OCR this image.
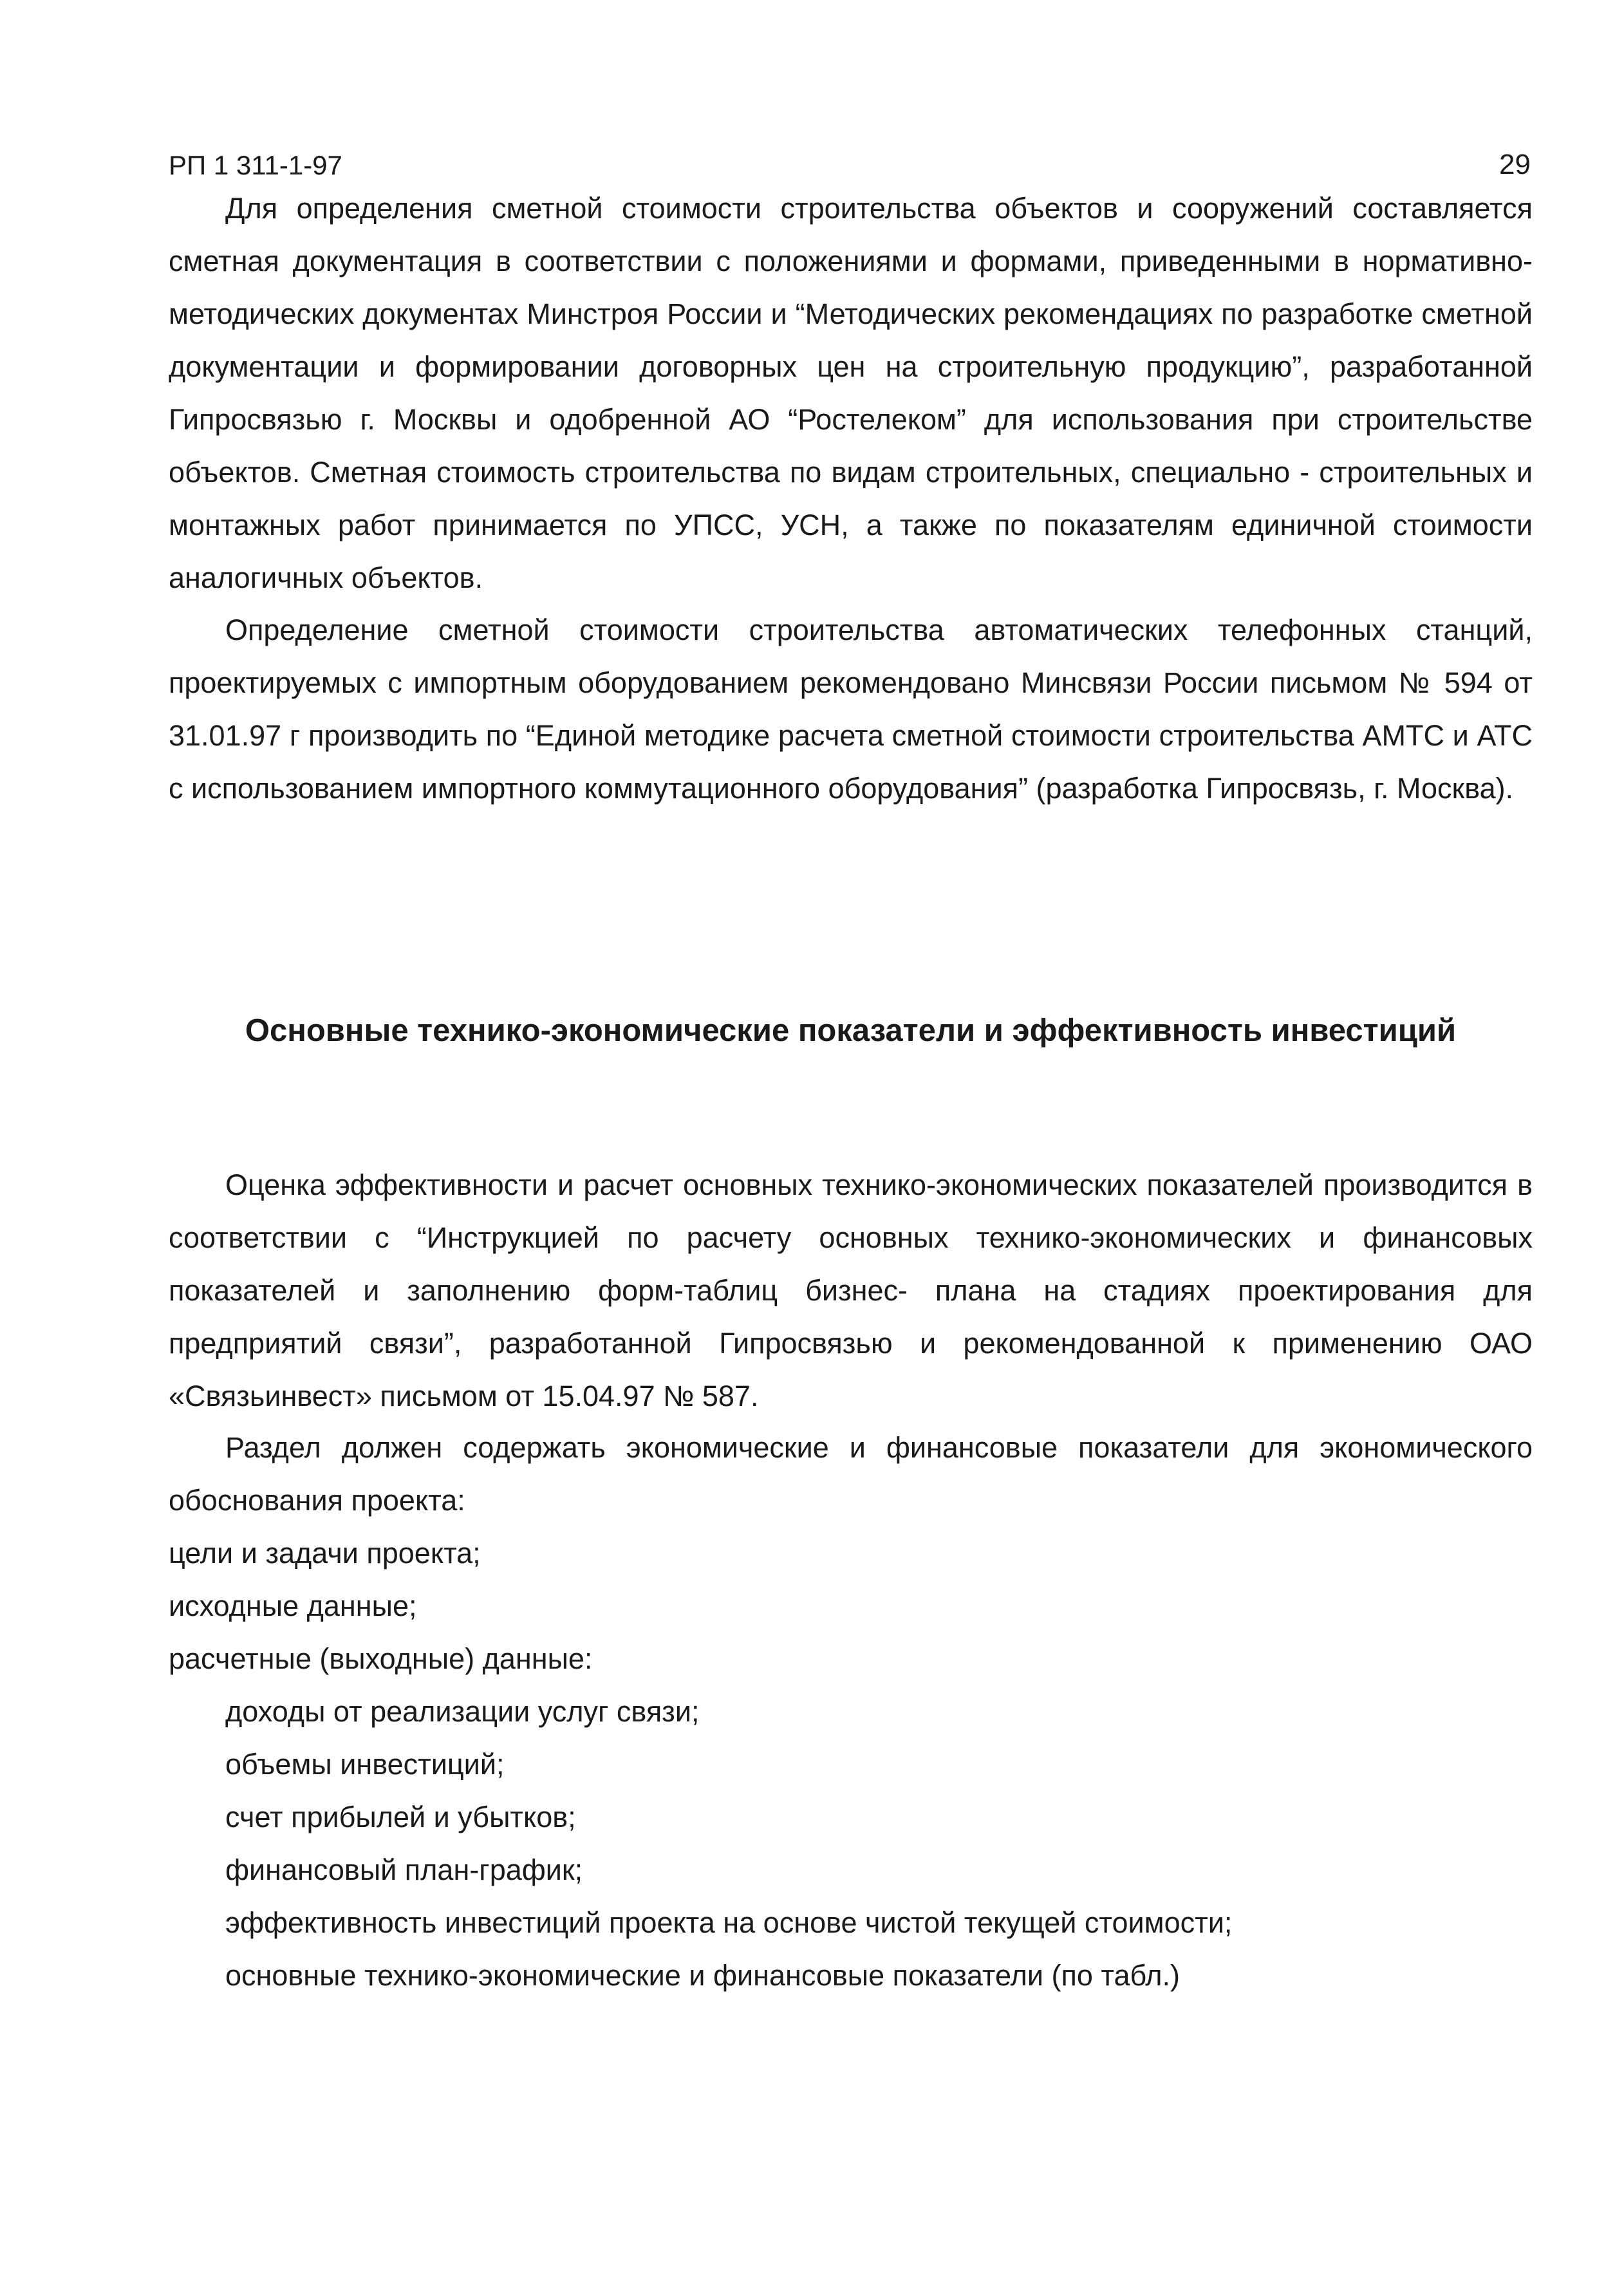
РП 1 311-1-97	29

Для определения сметной стоимости строительства объектов и сооружений составляется сметная документация в соответствии с положениями и формами, приведенными в нормативно-методических документах Минстроя России и “Методических рекомендациях по разработке сметной документации и формировании договорных цен на строительную продукцию”, разработанной Гипросвязью г. Москвы и одобренной АО “Ростелеком” для использования при строительстве объектов. Сметная стоимость строительства по видам строительных, специально - строительных и монтажных работ принимается по УПСС, УСН, а также по показателям единичной стоимости аналогичных объектов.

Определение сметной стоимости строительства автоматических телефонных станций, проектируемых с импортным оборудованием рекомендовано Минсвязи России письмом № 594 от 31.01.97 г производить по “Единой методике расчета сметной стоимости строительства АМТС и АТС с использованием импортного коммутационного оборудования” (разработка Гипросвязь, г. Москва).

Основные технико-экономические показатели и эффективность инвестиций

Оценка эффективности и расчет основных технико-экономических показателей производится в соответствии с “Инструкцией по расчету основных технико-экономических и финансовых показателей и заполнению форм-таблиц бизнес- плана на стадиях проектирования для предприятий связи”, разработанной Гипросвязью и рекомендованной к применению ОАО «Связьинвест» письмом от 15.04.97 № 587.

Раздел должен содержать экономические и финансовые показатели для экономического обоснования проекта:

цели и задачи проекта;
исходные данные;
расчетные (выходные) данные:
доходы от реализации услуг связи;
объемы инвестиций;
счет прибылей и убытков;
финансовый план-график;
эффективность инвестиций проекта на основе чистой текущей стоимости;
основные технико-экономические и финансовые показатели (по табл.)
